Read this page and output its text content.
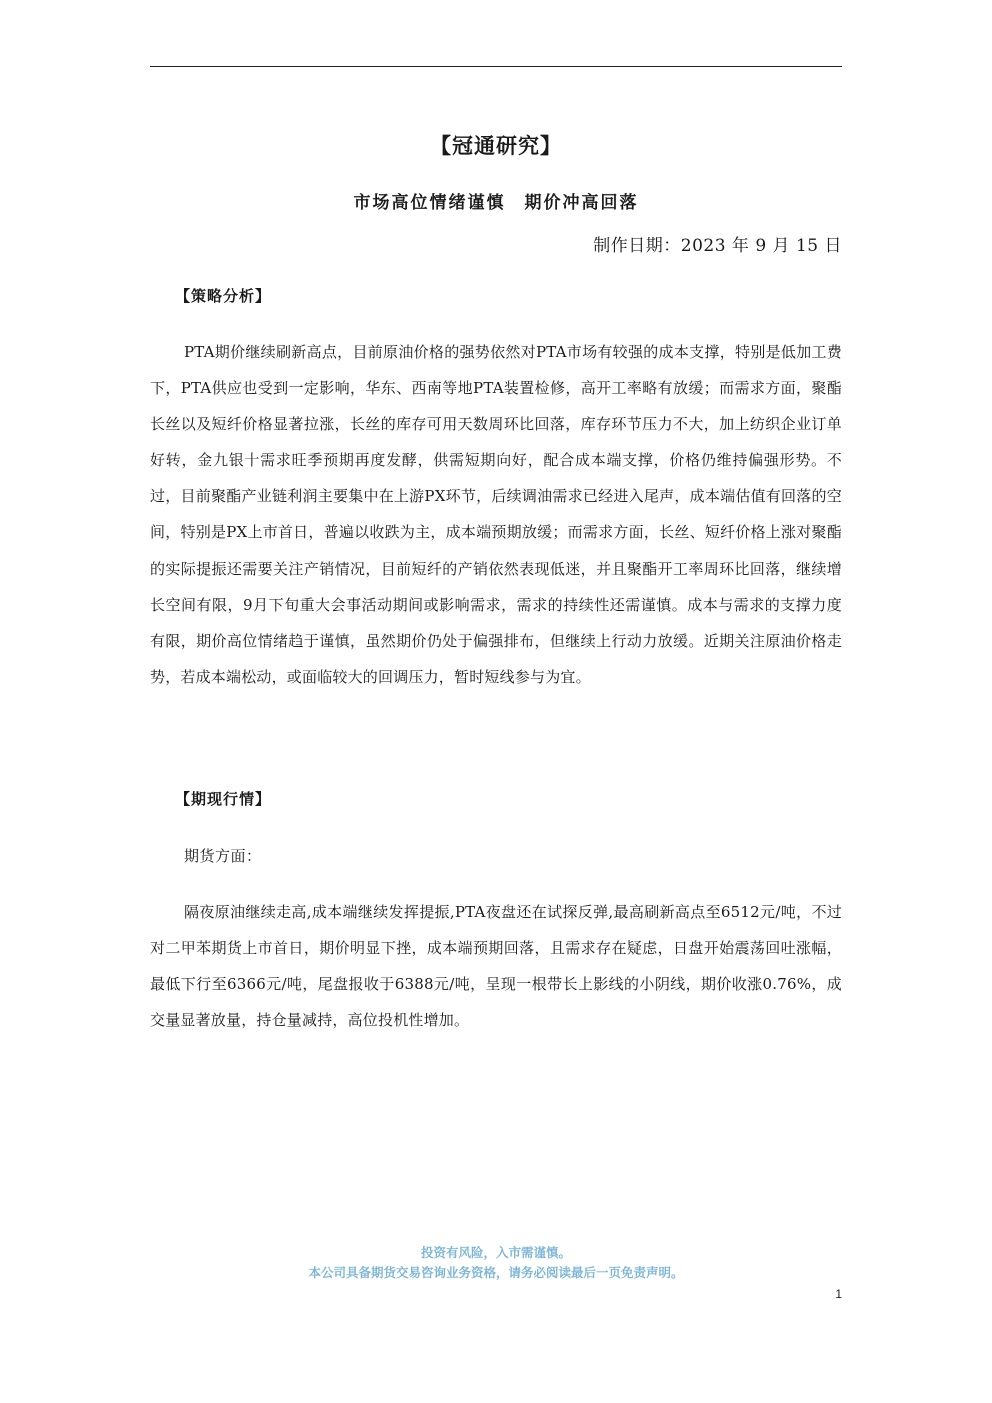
【冠通研究】
市场高位情绪谨慎　期价冲高回落
制作日期：2023 年 9 月 15 日
【策略分析】
PTA期价继续刷新高点，目前原油价格的强势依然对PTA市场有较强的成本支撑，特别是低加工费下，PTA供应也受到一定影响，华东、西南等地PTA装置检修，高开工率略有放缓；而需求方面，聚酯长丝以及短纤价格显著拉涨，长丝的库存可用天数周环比回落，库存环节压力不大，加上纺织企业订单好转，金九银十需求旺季预期再度发酵，供需短期向好，配合成本端支撑，价格仍维持偏强形势。不过，目前聚酯产业链利润主要集中在上游PX环节，后续调油需求已经进入尾声，成本端估值有回落的空间，特别是PX上市首日，普遍以收跌为主，成本端预期放缓；而需求方面，长丝、短纤价格上涨对聚酯的实际提振还需要关注产销情况，目前短纤的产销依然表现低迷，并且聚酯开工率周环比回落，继续增长空间有限，9月下旬重大会事活动期间或影响需求，需求的持续性还需谨慎。成本与需求的支撑力度有限，期价高位情绪趋于谨慎，虽然期价仍处于偏强排布，但继续上行动力放缓。近期关注原油价格走势，若成本端松动，或面临较大的回调压力，暂时短线参与为宜。
【期现行情】
期货方面：
隔夜原油继续走高,成本端继续发挥提振,PTA夜盘还在试探反弹,最高刷新高点至6512元/吨，不过对二甲苯期货上市首日，期价明显下挫，成本端预期回落，且需求存在疑虑，日盘开始震荡回吐涨幅，最低下行至6366元/吨，尾盘报收于6388元/吨，呈现一根带长上影线的小阴线，期价收涨0.76%，成交量显著放量，持仓量减持，高位投机性增加。
投资有风险，入市需谨慎。
本公司具备期货交易咨询业务资格，请务必阅读最后一页免责声明。
1
